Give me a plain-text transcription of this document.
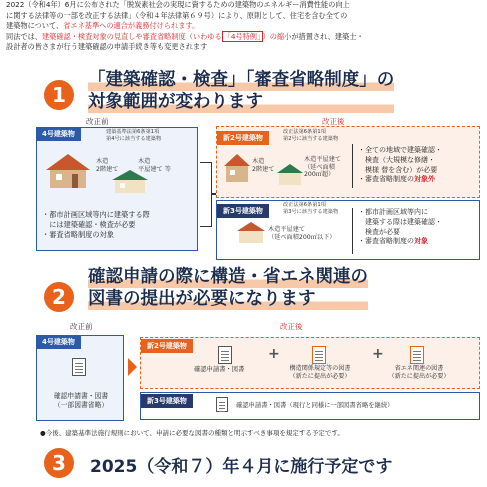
2022（令和4年）6月に公布された「脱炭素社会の実現に資するための建築物のエネルギー消費性能の向上
に関する法律等の一部を改正する法律」（令和４年法律第６９号）により、原則として、住宅を含む全ての
建築物について、省エネ基準への適合が義務付けられます。
同法では、建築確認・検査対象の見直しや審査省略制度（いわゆる 「4号特例」 ）の縮小が措置され、建築士・
設計者の皆さまが行う建築確認の申請手続き等も変更されます
1
「建築確認・検査」「審査省略制度」の
対象範囲が変わります
改正前	改正後
4号建築物	建築基準法第6条第1項
第4号に該当する建築物
木造
2階建て
木造
平屋建て 等
・都市計画区域等内に建築する際
　には建築確認・検査が必要
・審査省略制度の対象
新2号建築物
改正法第6条第1項
第2号に該当する建築物
木造
2階建て
木造平屋建て
（延べ面積
200㎡超）
・全ての地域で建築確認・
　検査（大規模な修繕・
　模様 替を含む）が必要
・審査省略制度の対象外
新3号建築物
改正法第6条第1項
第3号に該当する建築物
木造平屋建て
（延べ面積200㎡以下）
・都市計画区域等内に
　建築する際は建築確認・
　検査が必要
・審査省略制度の対象
2
確認申請の際に構造・省エネ関連の
図書の提出が必要になります
改正前	改正後
4号建築物
確認申請書・図書
（一部図書省略）
新2号建築物
確認申請書・図書
+
構造関係規定等の図書
（新たに提出が必要）
+
省エネ関連の図書
（新たに提出が必要）
新3号建築物
確認申請書・図書（現行と同様に一部図書省略を継続）
●今後、建築基準法施行規則において、申請に必要な図書の種類と明示すべき事項を規定する予定です。
3	2025（令和７）年４月に施行予定です
